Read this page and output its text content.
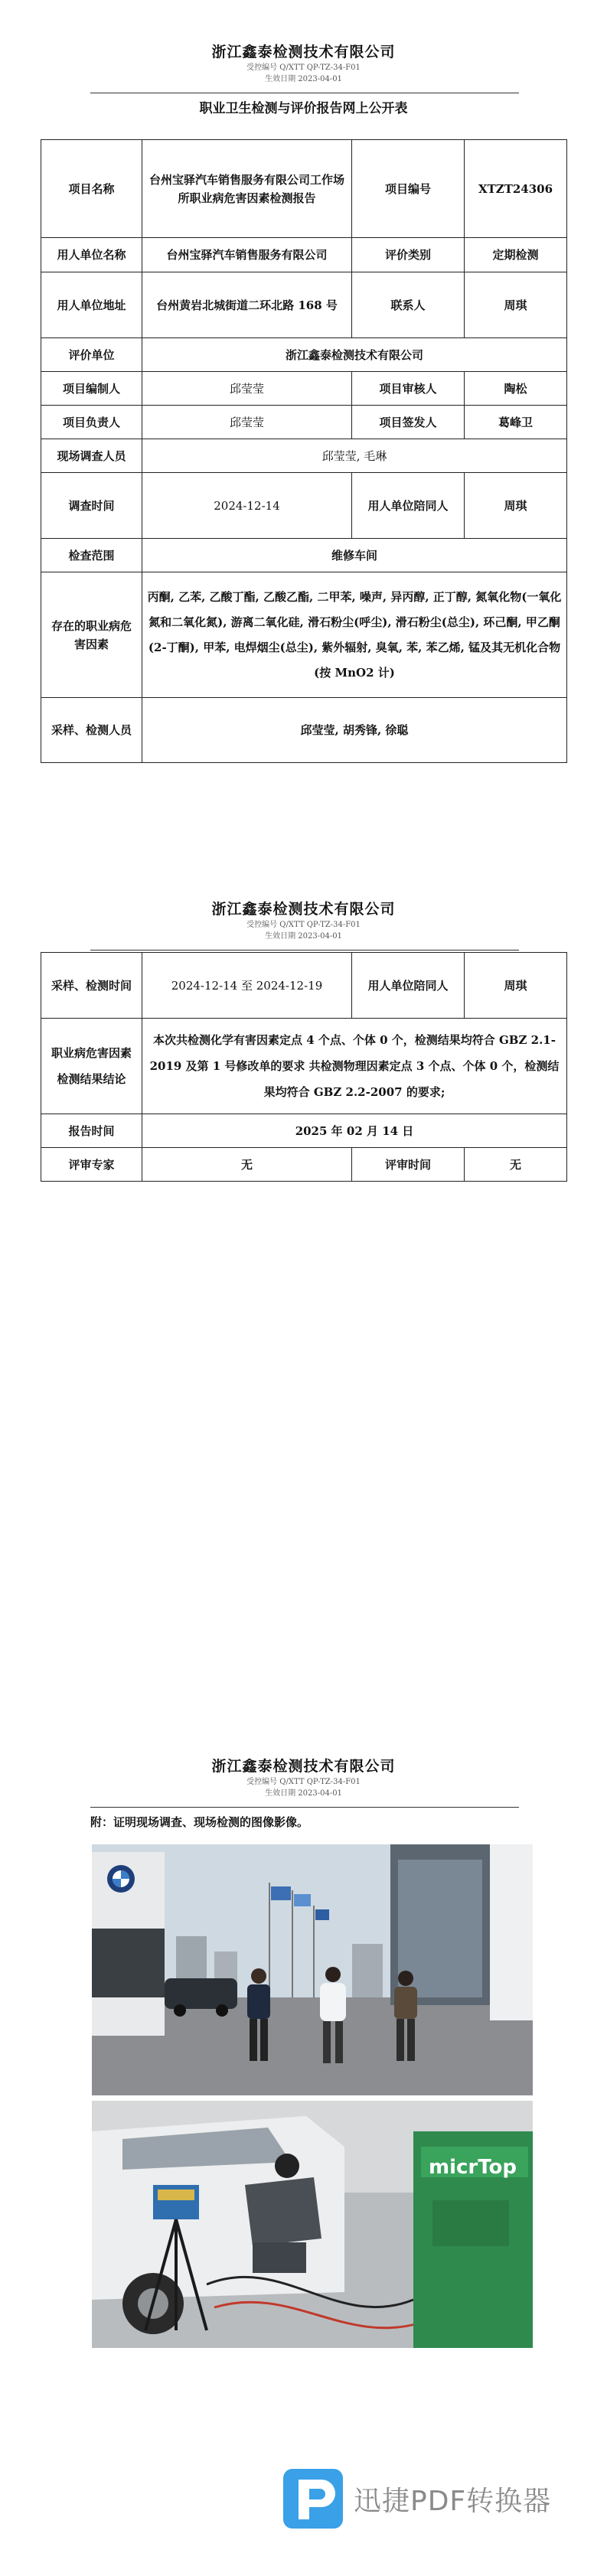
浙江鑫泰检测技术有限公司
受控编号 Q/XTT QP-TZ-34-F01
生效日期 2023-04-01
职业卫生检测与评价报告网上公开表
项目名称	台州宝驿汽车销售服务有限公司工作场所职业病危害因素检测报告	项目编号	XTZT24306
用人单位名称	台州宝驿汽车销售服务有限公司	评价类别	定期检测
用人单位地址	台州黄岩北城街道二环北路 168 号	联系人	周琪
评价单位	浙江鑫泰检测技术有限公司		
项目编制人	邱莹莹	项目审核人	陶松
项目负责人	邱莹莹	项目签发人	葛峰卫
现场调查人员	邱莹莹, 毛琳		
调查时间	2024-12-14	用人单位陪同人	周琪
检查范围	维修车间		
存在的职业病危害因素	丙酮, 乙苯, 乙酸丁酯, 乙酸乙酯, 二甲苯, 噪声, 异丙醇, 正丁醇, 氮氧化物(一氧化氮和二氧化氮), 游离二氧化硅, 滑石粉尘(呼尘), 滑石粉尘(总尘), 环己酮, 甲乙酮(2-丁酮), 甲苯, 电焊烟尘(总尘), 紫外辐射, 臭氧, 苯, 苯乙烯, 锰及其无机化合物(按 MnO2 计)		
采样、检测人员	邱莹莹, 胡秀锋, 徐聪		
浙江鑫泰检测技术有限公司
受控编号 Q/XTT QP-TZ-34-F01
生效日期 2023-04-01
采样、检测时间	2024-12-14 至 2024-12-19	用人单位陪同人	周琪
职业病危害因素检测结果结论	本次共检测化学有害因素定点 4 个点、个体 0 个，检测结果均符合 GBZ 2.1-2019 及第 1 号修改单的要求 共检测物理因素定点 3 个点、个体 0 个，检测结果均符合 GBZ 2.2-2007 的要求;		
报告时间	2025 年 02 月 14 日		
评审专家	无	评审时间	无
浙江鑫泰检测技术有限公司
受控编号 Q/XTT QP-TZ-34-F01
生效日期 2023-04-01
附：证明现场调查、现场检测的图像影像。
micrTop
迅捷PDF转换器
